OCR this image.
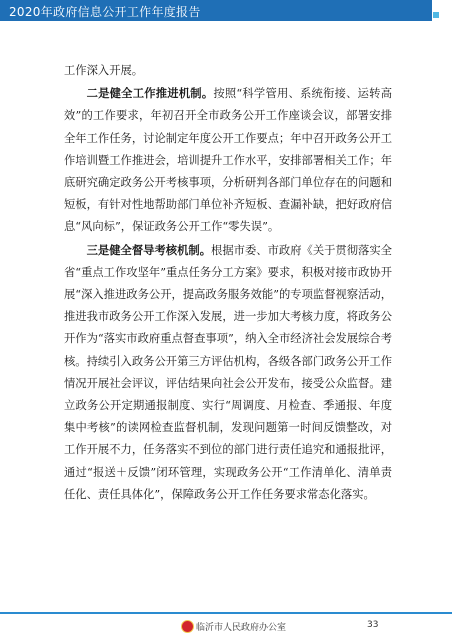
2020年政府信息公开工作年度报告

工作深入开展。

二是健全工作推进机制。按照“科学管用、系统衔接、运转高效”的工作要求，年初召开全市政务公开工作座谈会议，部署安排全年工作任务，讨论制定年度公开工作要点；年中召开政务公开工作培训暨工作推进会，培训提升工作水平，安排部署相关工作；年底研究确定政务公开考核事项，分析研判各部门单位存在的问题和短板，有针对性地帮助部门单位补齐短板、查漏补缺，把好政府信息“风向标”，保证政务公开工作“零失误”。

三是健全督导考核机制。根据市委、市政府《关于贯彻落实全省“重点工作攻坚年”重点任务分工方案》要求，积极对接市政协开展“深入推进政务公开，提高政务服务效能”的专项监督视察活动，推进我市政务公开工作深入发展，进一步加大考核力度，将政务公开作为“落实市政府重点督查事项”，纳入全市经济社会发展综合考核。持续引入政务公开第三方评估机构，各级各部门政务公开工作情况开展社会评议，评估结果向社会公开发布，接受公众监督。建立政务公开定期通报制度、实行“周调度、月检查、季通报、年度集中考核”的读网检查监督机制，发现问题第一时间反馈整改，对工作开展不力，任务落实不到位的部门进行责任追究和通报批评，通过“报送＋反馈”闭环管理，实现政务公开“工作清单化、清单责任化、责任具体化”，保障政务公开工作任务要求常态化落实。

临沂市人民政府办公室	33
